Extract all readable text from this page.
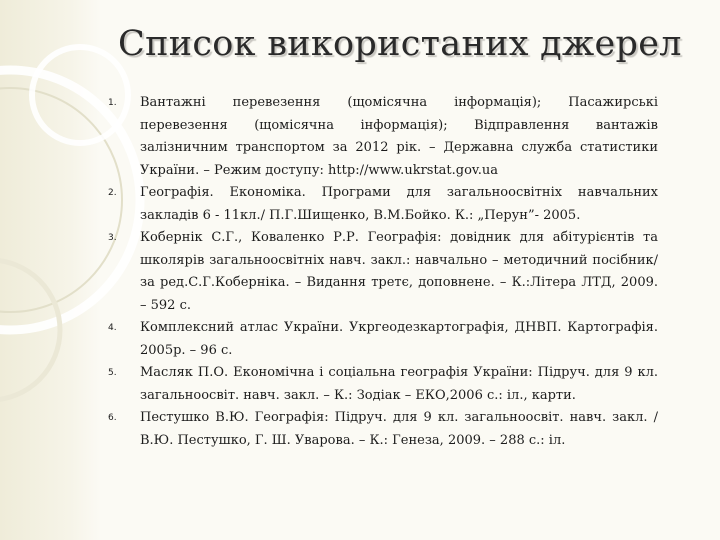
Список використаних джерел
1. Вантажні перевезення (щомісячна інформація); Пасажирські перевезення (щомісячна інформація); Відправлення вантажів залізничним транспортом за 2012 рік. – Державна служба статистики України. – Режим доступу: http://www.ukrstat.gov.ua
2. Географія. Економіка. Програми для загальноосвітніх навчальних закладів 6 - 11кл./ П.Г.Шищенко, В.М.Бойко. К.: „Перун”- 2005.
3. Кобернік С.Г., Коваленко Р.Р. Географія: довідник для абітурієнтів та школярів загальноосвітніх навч. закл.: навчально – методичний посібник/ за ред.С.Г.Коберніка. – Видання третє, доповнене. – К.:Літера ЛТД, 2009. – 592 с.
4. Комплексний атлас України. Укргеодезкартографія, ДНВП. Картографія. 2005р. – 96 с.
5. Масляк П.О. Економічна і соціальна географія України: Підруч. для 9 кл. загальноосвіт. навч. закл. – К.: Зодіак – ЕКО,2006 с.: іл., карти.
6. Пестушко В.Ю. Географія: Підруч. для 9 кл. загальноосвіт. навч. закл. / В.Ю. Пестушко, Г. Ш. Уварова. – К.: Генеза, 2009. – 288 с.: іл.
